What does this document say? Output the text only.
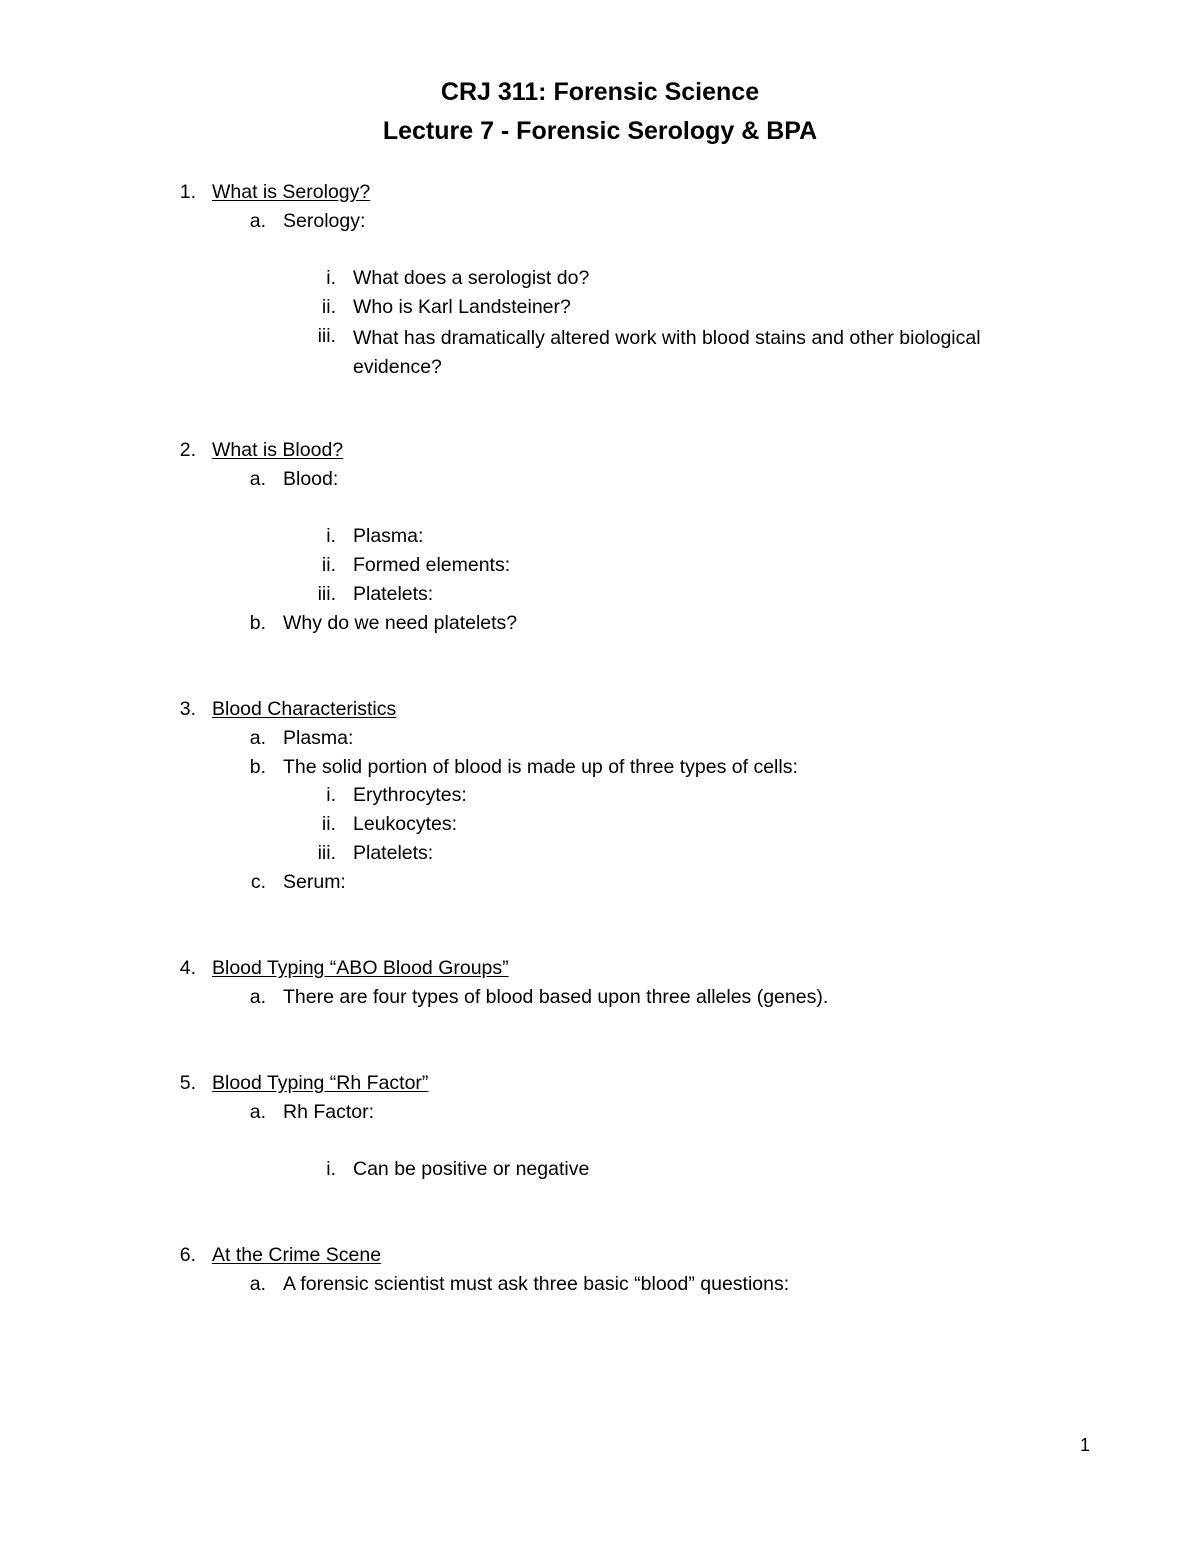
CRJ 311: Forensic Science
Lecture 7 - Forensic Serology & BPA
1. What is Serology?
a. Serology:
i. What does a serologist do?
ii. Who is Karl Landsteiner?
iii. What has dramatically altered work with blood stains and other biological evidence?
2. What is Blood?
a. Blood:
i. Plasma:
ii. Formed elements:
iii. Platelets:
b. Why do we need platelets?
3. Blood Characteristics
a. Plasma:
b. The solid portion of blood is made up of three types of cells:
i. Erythrocytes:
ii. Leukocytes:
iii. Platelets:
c. Serum:
4. Blood Typing “ABO Blood Groups”
a. There are four types of blood based upon three alleles (genes).
5. Blood Typing “Rh Factor”
a. Rh Factor:
i. Can be positive or negative
6. At the Crime Scene
a. A forensic scientist must ask three basic “blood” questions:
1
